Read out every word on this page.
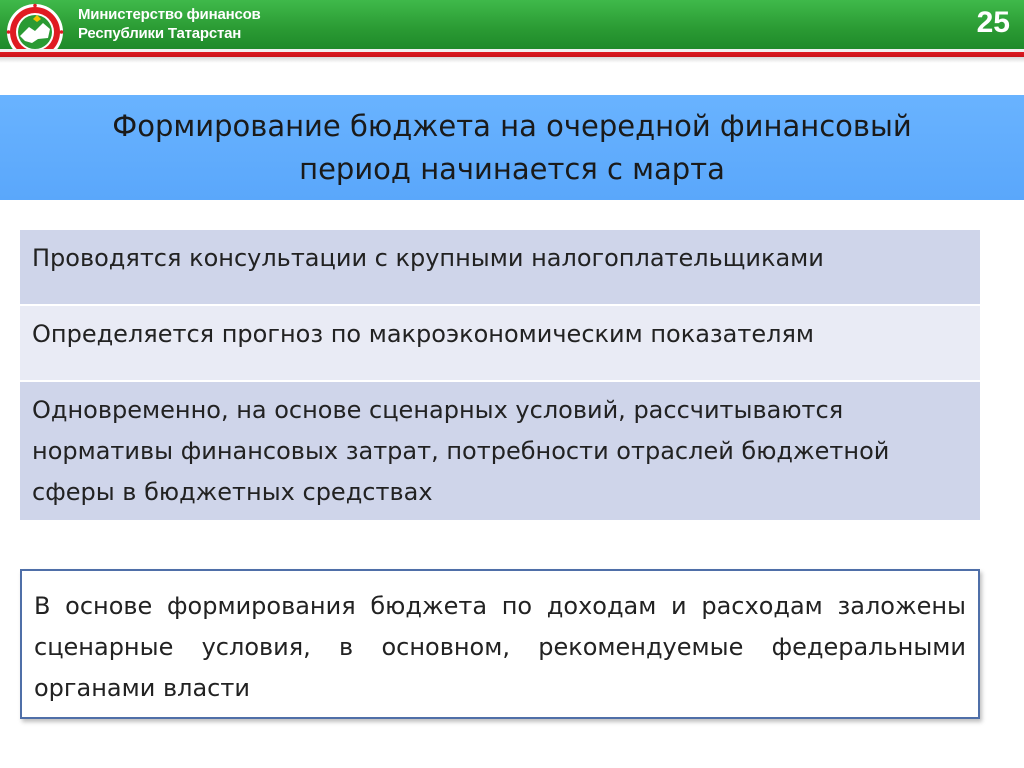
Министерство финансов
Республики Татарстан	25
Формирование бюджета на очередной финансовый период начинается с марта
Проводятся консультации с крупными налогоплательщиками
Определяется прогноз по макроэкономическим показателям
Одновременно, на основе сценарных условий, рассчитываются нормативы финансовых затрат, потребности отраслей бюджетной сферы в бюджетных средствах

В основе формирования бюджета по доходам и расходам заложены сценарные условия, в основном, рекомендуемые федеральными органами власти
